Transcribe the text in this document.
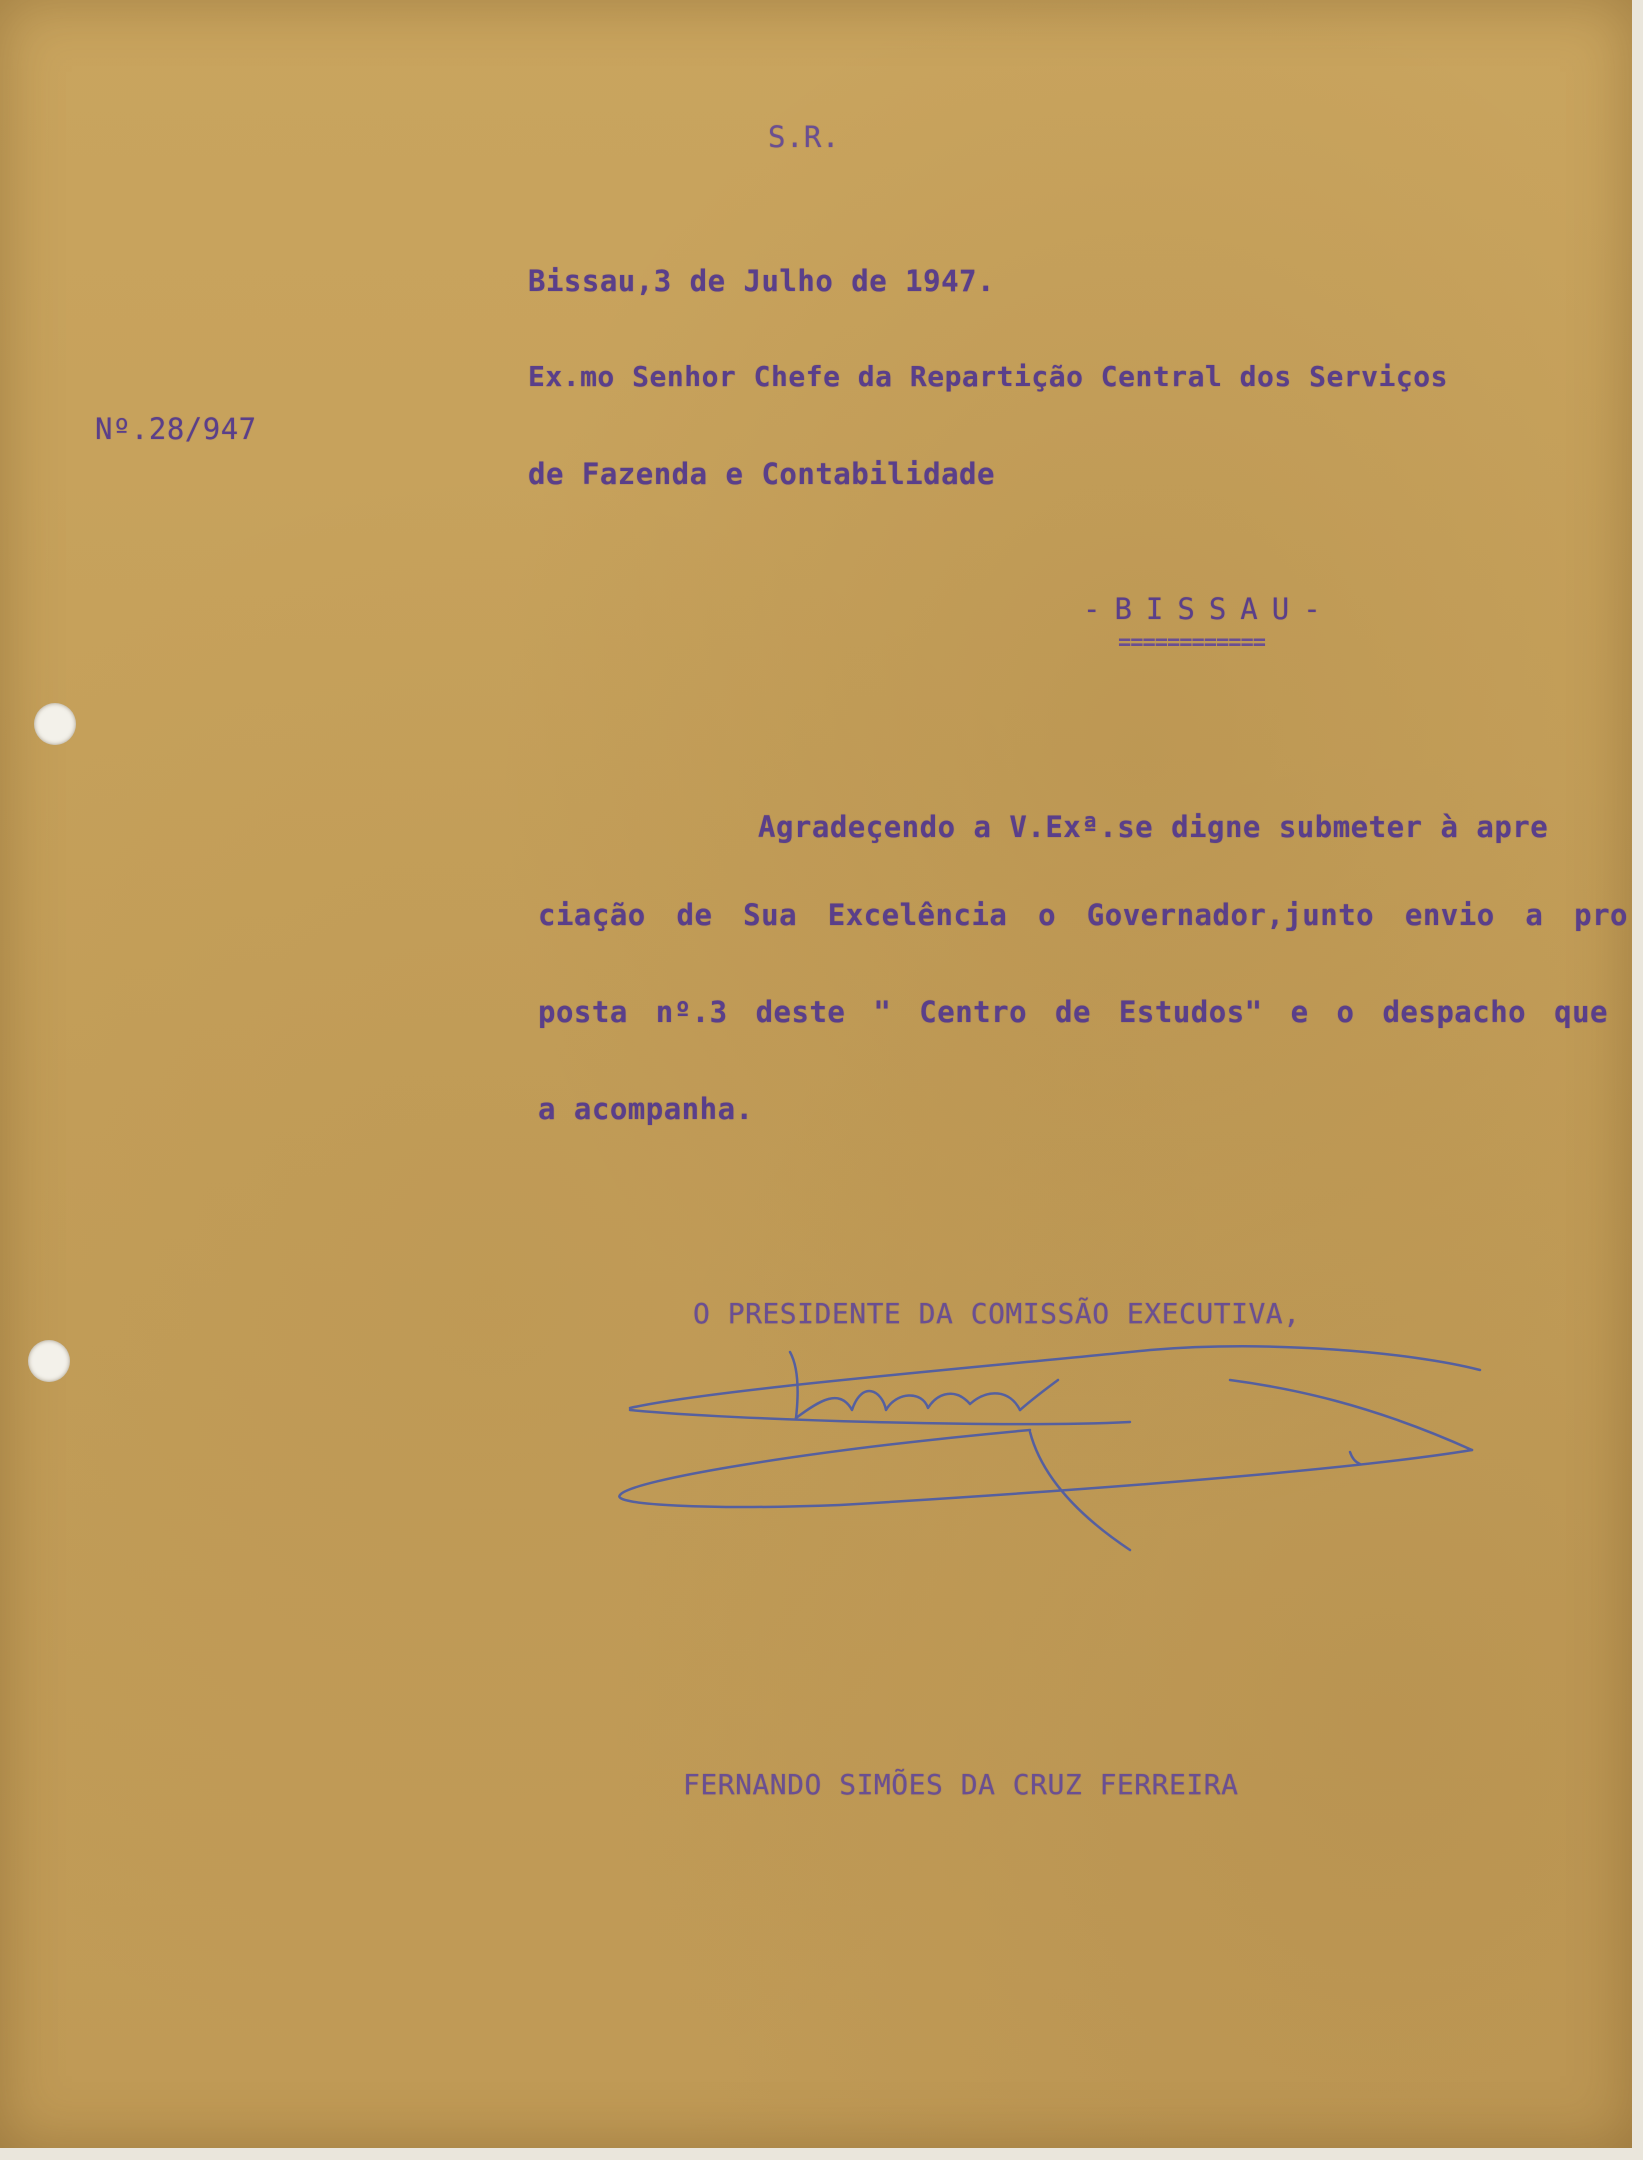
S.R.
Bissau,3 de Julho de 1947.
Nº.28/947
Ex.mo Senhor Chefe da Repartição Central dos Serviços
de Fazenda e Contabilidade
-BISSAU-
============
Agradeçendo a V.Exª.se digne submeter à apre
ciação de Sua Excelência o Governador,junto envio a pro
posta nº.3 deste " Centro de Estudos" e o despacho que
a acompanha.
O PRESIDENTE DA COMISSÃO EXECUTIVA,
FERNANDO SIMÕES DA CRUZ FERREIRA
